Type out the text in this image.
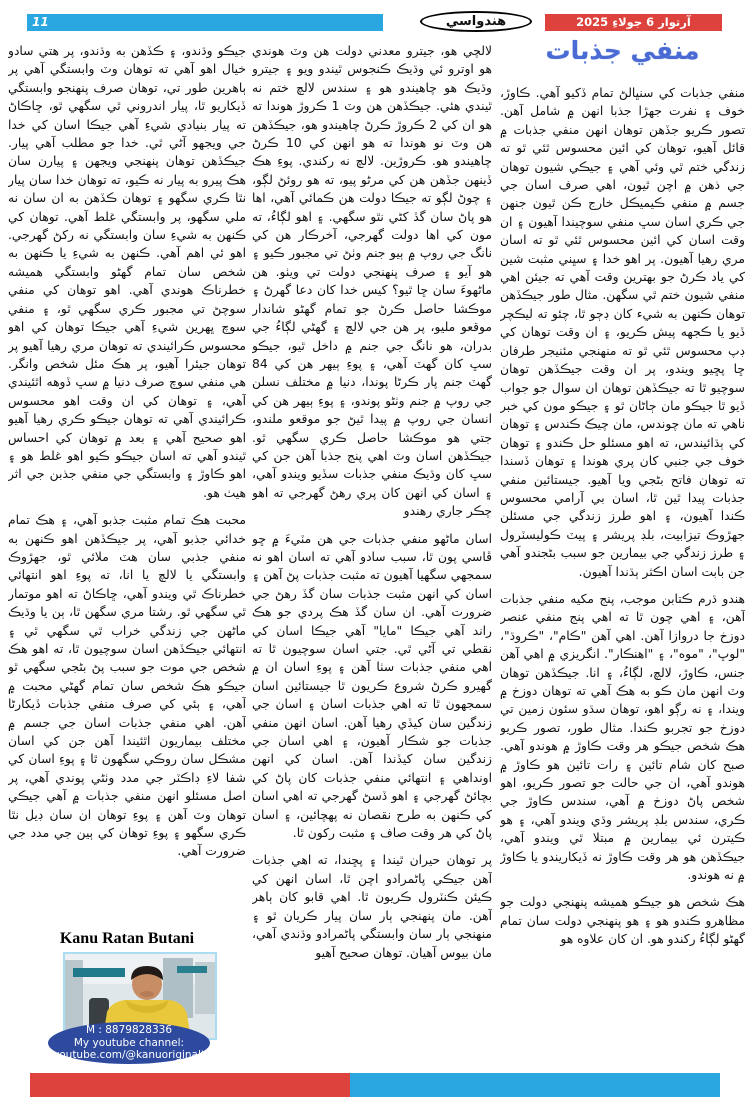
11	هندواسي	آرتوار 6 جولاءِ 2025
منفي جذبات

منفي جذبات کي سنڀالڻ تمام ڏکيو آهي. ڪاوڙ، خوف ۽ نفرت جهڙا جذبا انهن ۾ شامل آهن. تصور ڪريو جڏهن توهان انهن منفي جذبات ۾ قائل آهيو، توهان کي ائين محسوس ٿئي ٿو ته زندگي ختم ٿي وئي آهي ۽ جيڪي شيون توهان جي ذهن ۾ اچن ٿيون، اهي صرف اسان جي جسم ۾ منفي ڪيميڪل خارج ڪن ٿيون جنهن جي ڪري اسان سڀ منفي سوچيندا آهيون ۽ ان وقت اسان کي ائين محسوس ٿئي ٿو ته اسان مري رهيا آهيون. پر اهو خدا ۽ سڀني مثبت شين کي ياد ڪرڻ جو بهترين وقت آهي ته جيئن اهي منفي شيون ختم ٿي سگهن. مثال طور جيڪڏهن توهان ڪنهن به شيء کان ڊڄو ٿا، چئو ته ليڪچر ڏيو يا ڪجهه پيش ڪريو، ۽ ان وقت توهان کي ڊپ محسوس ٿئي ٿو ته منهنجي مئنيجر طرفان ڇا پڇيو ويندو، پر ان وقت جيڪڏهن توهان سوچيو ٿا ته جيڪڏهن توهان ان سوال جو جواب ڏيو ٿا جيڪو مان ڄاڻان ٿو ۽ جيڪو مون کي خبر ناهي ته مان چوندس، مان چيڪ ڪندس ۽ توهان کي ٻڌائيندس، ته اهو مسئلو حل ڪندو ۽ توهان خوف جي جنبي کان پري هوندا ۽ توهان ڏسندا ته توهان فاتح بڻجي ويا آهيو. جيستائين منفي جذبات پيدا ٿين ٿا، اسان بي آرامي محسوس ڪندا آهيون، ۽ اهو طرز زندگي جي مسئلن جهڙوڪ تيزابيت، بلڊ پريشر ۽ پيٽ ڪوليسٽرول ۽ طرز زندگي جي بيمارين جو سبب بڻجندو آهي جن بابت اسان اڪثر ٻڌندا آهيون.

هندو ڌرم ڪتابن موجب، پنج مکيه منفي جذبات آهن، ۽ اهي چون ٿا ته اهي پنج منفي عنصر دوزخ جا دروازا آهن. اهي آهن "ڪام"، "ڪروڌ"، "لوڀ"، "موه"، ۽ "اهنڪار". انگريزي ۾ اهي آهن جنس، ڪاوڙ، لالچ، لڳاءُ، ۽ انا. جيڪڏهن توهان وٽ انهن مان ڪو به هڪ آهي ته توهان دوزخ ۾ ويندا، ۽ نه رڳو اهو، توهان سڌو سئون زمين تي دوزخ جو تجربو ڪندا. مثال طور، تصور ڪريو هڪ شخص جيڪو هر وقت ڪاوڙ ۾ هوندو آهي. صبح کان شام تائين ۽ رات تائين هو ڪاوڙ ۾ هوندو آهي، ان جي حالت جو تصور ڪريو، اهو شخص پاڻ دوزخ ۾ آهي، سندس ڪاوڙ جي ڪري، سندس بلڊ پريشر وڌي ويندو آهي، ۽ هو ڪيترن ئي بيمارين ۾ مبتلا ٿي ويندو آهي، جيڪڏهن هو هر وقت ڪاوڙ نه ڏيکاريندو يا ڪاوڙ ۾ نه هوندو.

هڪ شخص هو جيڪو هميشه پنهنجي دولت جو مظاهرو ڪندو هو ۽ هو پنهنجي دولت سان تمام گهڻو لڳاءُ رکندو هو. ان کان علاوه هو

لالچي هو، جيترو معدني دولت هن وٽ هوندي هو اوترو ئي وڌيڪ ڪنجوس ٿيندو ويو ۽ جيترو وڌيڪ هو چاهيندو هو ۽ سندس لالچ ختم نه ٿيندي هئي. جيڪڏهن هن وٽ 1 ڪروڙ هوندا ته هو ان کي 2 ڪروڙ ڪرڻ چاهيندو هو، جيڪڏهن هن وٽ نو هوندا ته هو انهن کي 10 ڪرڻ چاهيندو هو. ڪروڙين. لالچ نه رکندي. پوءِ هڪ ڏينهن جڏهن هن کي مرڻو پيو، ته هو روئڻ لڳو، ۽ چوڻ لڳو ته جيڪا دولت هن ڪمائي آهي، اها هو پاڻ سان گڏ کڻي نٿو سگهي. ۽ اهو لڳاءُ، ته مون کي اها دولت گهرجي، آخرڪار هن کي نانگ جي روپ ۾ ٻيو جنم وٺڻ تي مجبور ڪيو ۽ هو آيو ۽ صرف پنهنجي دولت تي ويٺو. هن ماڻهوءَ سان ڇا ٿيو؟ کيس خدا کان دعا گهرڻ ۽ موڪشا حاصل ڪرڻ جو تمام گهڻو شاندار موقعو مليو، پر هن جي لالچ ۽ گهڻي لڳاءُ جي بدران، هو نانگ جي جنم ۾ داخل ٿيو، جيڪو سڀ کان گهٽ آهي، ۽ پوءِ ٻيهر هن کي 84 گهٽ جنم پار ڪرڻا پوندا، دنيا ۾ مختلف نسلن جي روپ ۾ جنم وٺڻو پوندو، ۽ پوءِ ٻيهر هن کي انسان جي روپ ۾ پيدا ٿيڻ جو موقعو ملندو، جتي هو موڪشا حاصل ڪري سگهي ٿو. جيڪڏهن اسان وٽ اهي پنج جذبا آهن جن کي سڀ کان وڌيڪ منفي جذبات سڏيو ويندو آهي، ۽ اسان کي انهن کان پري رهڻ گهرجي ته اهو چڪر جاري رهندو

اسان ماڻهو منفي جذبات جي هن مٽيءَ ۾ ڇو ڦاسي پون ٿا، سبب سادو آهي ته اسان اهو نه سمجهي سگهيا آهيون ته مثبت جذبات پڻ آهن ۽ اسان کي انهن مثبت جذبات سان گڏ رهڻ جي ضرورت آهي. ان سان گڏ هڪ پردي جو هڪ راند آهي جيڪا "مايا" آهي جيڪا اسان کي نقطي تي آڻي ٿي. جتي اسان سوچيون ٿا ته اهي منفي جذبات سٺا آهن ۽ پوءِ اسان ان ۾ گهيرو ڪرڻ شروع ڪريون ٿا جيستائين اسان سمجهون ٿا ته اهي جذبات اسان ۽ اسان جي زندگين سان کيڏي رهيا آهن. اسان انهن منفي جذبات جو شڪار آهيون، ۽ اهي اسان جي زندگين سان کيڏندا آهن. اسان کي انهن اونداهي ۽ انتهائي منفي جذبات کان پاڻ کي بچائڻ گهرجي ۽ اهو ڏسڻ گهرجي ته اهي اسان کي ڪنهن به طرح نقصان نه پهچائين، ۽ اسان پاڻ کي هر وقت صاف ۽ مثبت رکون ٿا.

پر توهان حيران ٿيندا ۽ پڇندا، ته اهي جذبات آهن جيڪي پاڻمرادو اچن ٿا، اسان انهن کي ڪيئن ڪنٽرول ڪريون ٿا. اهي قابو کان ٻاهر آهن. مان پنهنجي ٻار سان پيار ڪريان ٿو ۽ منهنجي ٻار سان وابستگي پاڻمرادو وڌندي آهي، مان بيوس آهيان. توهان صحيح آهيو

جيڪو وڌندو، ۽ ڪڏهن به وڌندو، پر هتي سادو خيال اهو آهي ته توهان وٽ وابستگي آهي پر ٻاهرين طور تي، توهان صرف پنهنجو وابستگي ڏيکاريو ٿا، پيار اندروني ٿي سگهي ٿو، ڇاڪاڻ ته پيار بنيادي شيءِ آهي جيڪا اسان کي خدا جي ويجهو آڻي ٿي. خدا جو مطلب آهي پيار. جيڪڏهن توهان پنهنجي ويجهن ۽ پيارن سان هڪ پيرو به پيار نه ڪيو، ته توهان خدا سان پيار نٿا ڪري سگهو ۽ توهان ڪڏهن به ان سان نه ملي سگهو، پر وابستگي غلط آهي. توهان کي ڪنهن به شيءِ سان وابستگي نه رکڻ گهرجي. اهو ئي اهم آهي. ڪنهن به شيءِ يا ڪنهن به شخص سان تمام گهڻو وابستگي هميشه خطرناڪ هوندي آهي. اهو توهان کي منفي سوچڻ تي مجبور ڪري سگهي ٿو، ۽ منفي سوچ ڀهرين شيءِ آهي جيڪا توهان کي اهو محسوس ڪرائيندي ته توهان مري رهيا آهيو پر توهان جيئرا آهيو، پر هڪ مئل شخص وانگر. هي منفي سوچ صرف دنيا ۾ سڀ ڏوهه اٿئيندي آهي، ۽ توهان کي ان وقت اهو محسوس ڪرائيندي آهي ته توهان جيڪو ڪري رهيا آهيو اهو صحيح آهي ۽ بعد ۾ توهان کي احساس ٿيندو آهي ته اسان جيڪو ڪيو اهو غلط هو ۽ اهو ڪاوڙ ۽ وابستگي جي منفي جذبن جي اثر هيٺ هو.

محبت هڪ تمام مثبت جذبو آهي، ۽ هڪ تمام خدائي جذبو آهي، پر جيڪڏهن اهو ڪنهن به منفي جذبي سان هٽ ملائي ٿو، جهڙوڪ وابستگي يا لالچ يا انا، ته پوءِ اهو انتهائي خطرناڪ ٿي ويندو آهي، ڇاڪاڻ ته اهو موتمار ٿي سگهي ٿو. رشتا مري سگهن ٿا، ٻن يا وڌيڪ ماڻهن جي زندگي خراب ٿي سگهي ٿي ۽ انتهائي جيڪڏهن اسان سوچيون ٿا، ته اهو هڪ شخص جي موت جو سبب پڻ بڻجي سگهي ٿو جيڪو هڪ شخص سان تمام گهڻي محبت ۾ آهي، ۽ ٻئي کي صرف منفي جذبات ڏيکارڻا آهن. اهي منفي جذبات اسان جي جسم ۾ مختلف بيماريون اٿئيندا آهن جن کي اسان مشڪل سان روڪي سگهون ٿا ۽ پوءِ اسان کي شفا لاءِ ڊاڪٽر جي مدد وٺڻي پوندي آهي، پر اصل مسئلو انهن منفي جذبات ۾ آهي جيڪي توهان وٽ آهن ۽ پوءِ توهان ان سان ڊيل نٿا ڪري سگهو ۽ پوءِ توهان کي ٻين جي مدد جي ضرورت آهي.

Kanu Ratan Butani
M : 8879828336
My youtube channel:
www.youtube.com/@kanuoriginaltracks
